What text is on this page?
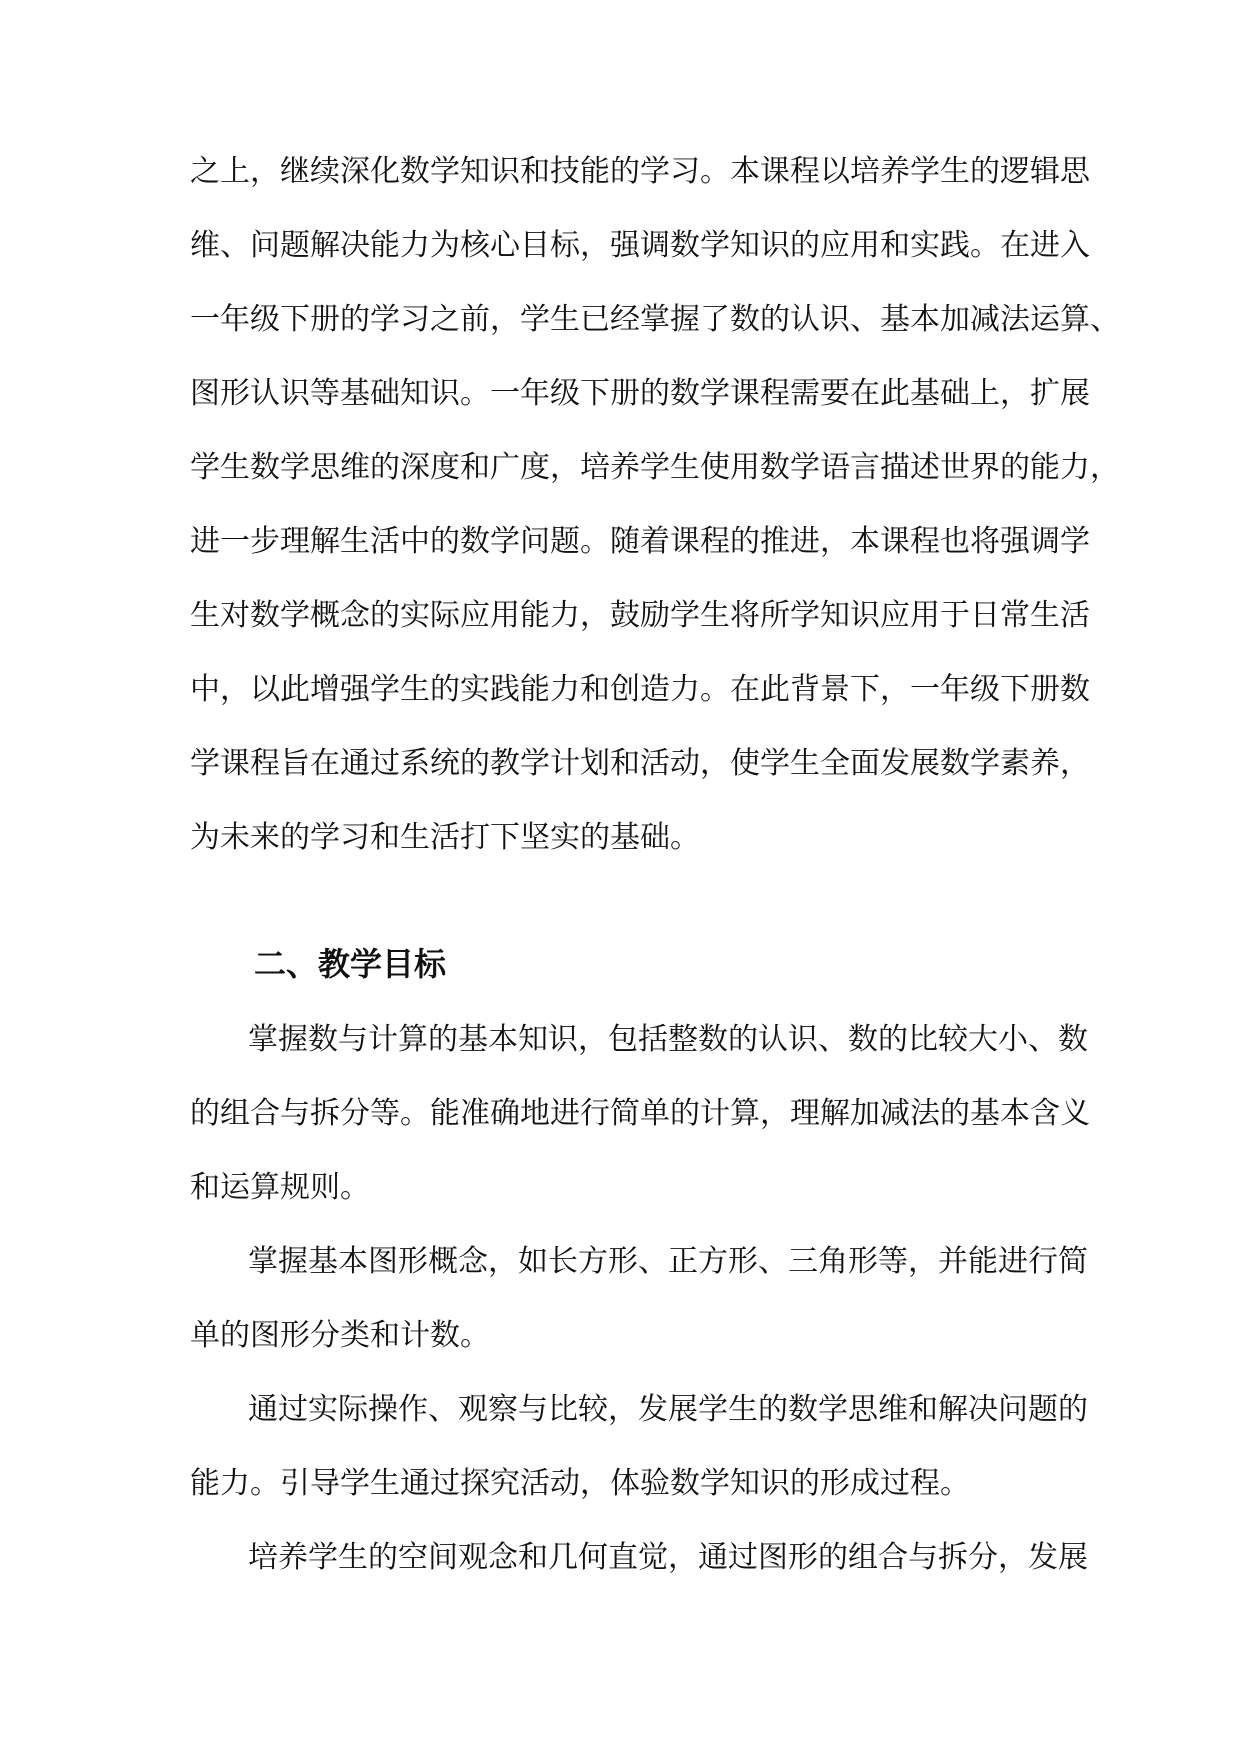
之上，继续深化数学知识和技能的学习。本课程以培养学生的逻辑思
维、问题解决能力为核心目标，强调数学知识的应用和实践。在进入
一年级下册的学习之前，学生已经掌握了数的认识、基本加减法运算、
图形认识等基础知识。一年级下册的数学课程需要在此基础上，扩展
学生数学思维的深度和广度，培养学生使用数学语言描述世界的能力，
进一步理解生活中的数学问题。随着课程的推进，本课程也将强调学
生对数学概念的实际应用能力，鼓励学生将所学知识应用于日常生活
中，以此增强学生的实践能力和创造力。在此背景下，一年级下册数
学课程旨在通过系统的教学计划和活动，使学生全面发展数学素养，
为未来的学习和生活打下坚实的基础。
二、教学目标
掌握数与计算的基本知识，包括整数的认识、数的比较大小、数
的组合与拆分等。能准确地进行简单的计算，理解加减法的基本含义
和运算规则。
掌握基本图形概念，如长方形、正方形、三角形等，并能进行简
单的图形分类和计数。
通过实际操作、观察与比较，发展学生的数学思维和解决问题的
能力。引导学生通过探究活动，体验数学知识的形成过程。
培养学生的空间观念和几何直觉，通过图形的组合与拆分，发展
